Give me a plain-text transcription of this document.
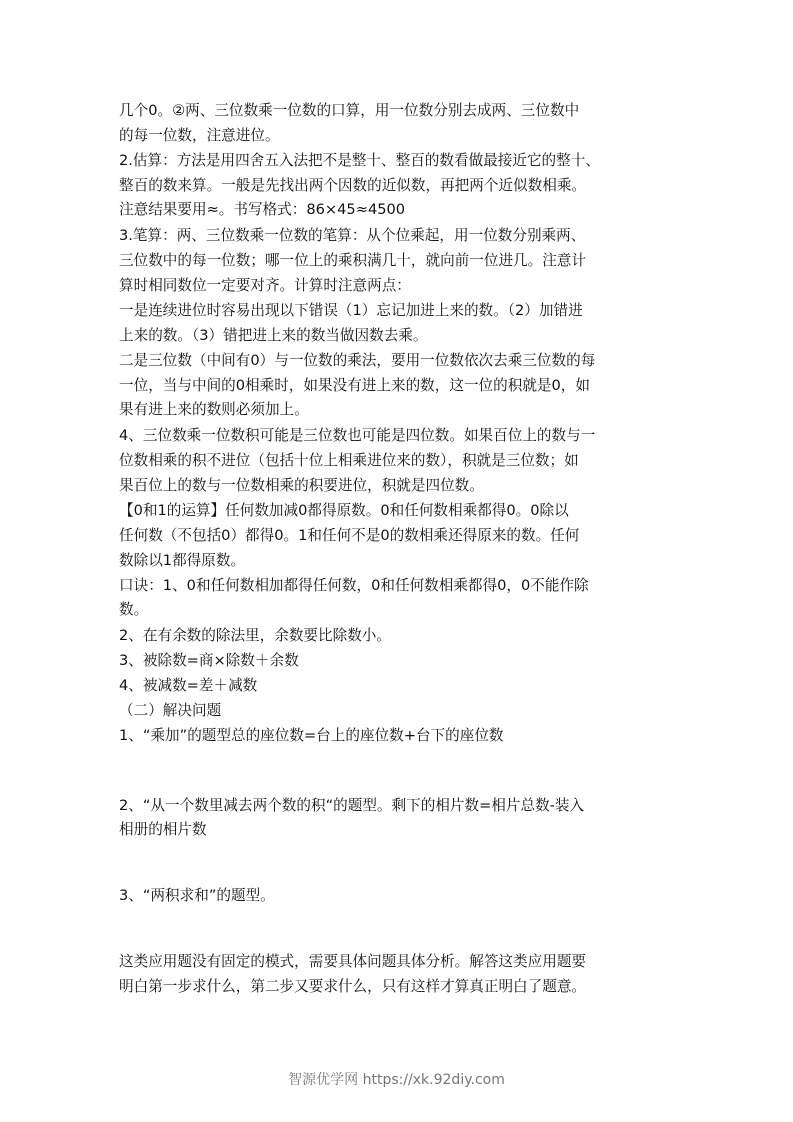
几个0。②两、三位数乘一位数的口算，用一位数分别去成两、三位数中
的每一位数，注意进位。
2.估算：方法是用四舍五入法把不是整十、整百的数看做最接近它的整十、
整百的数来算。一般是先找出两个因数的近似数，再把两个近似数相乘。
注意结果要用≈。书写格式：86×45≈4500
3.笔算：两、三位数乘一位数的笔算：从个位乘起，用一位数分别乘两、
三位数中的每一位数；哪一位上的乘积满几十，就向前一位进几。注意计
算时相同数位一定要对齐。计算时注意两点：
一是连续进位时容易出现以下错误（1）忘记加进上来的数。（2）加错进
上来的数。（3）错把进上来的数当做因数去乘。
二是三位数（中间有0）与一位数的乘法，要用一位数依次去乘三位数的每
一位，当与中间的0相乘时，如果没有进上来的数，这一位的积就是0，如
果有进上来的数则必须加上。
4、三位数乘一位数积可能是三位数也可能是四位数。如果百位上的数与一
位数相乘的积不进位（包括十位上相乘进位来的数），积就是三位数；如
果百位上的数与一位数相乘的积要进位，积就是四位数。
【0和1的运算】任何数加减0都得原数。0和任何数相乘都得0。0除以
任何数（不包括0）都得0。1和任何不是0的数相乘还得原来的数。任何
数除以1都得原数。
口诀：1、0和任何数相加都得任何数，0和任何数相乘都得0，0不能作除
数。
2、在有余数的除法里，余数要比除数小。
3、被除数=商×除数＋余数
4、被减数=差＋减数
（二）解决问题
1、“乘加”的题型总的座位数=台上的座位数+台下的座位数
2、“从一个数里减去两个数的积“的题型。剩下的相片数=相片总数-装入
相册的相片数
3、“两积求和”的题型。
这类应用题没有固定的模式，需要具体问题具体分析。解答这类应用题要
明白第一步求什么，第二步又要求什么，只有这样才算真正明白了题意。
智源优学网 https://xk.92diy.com
